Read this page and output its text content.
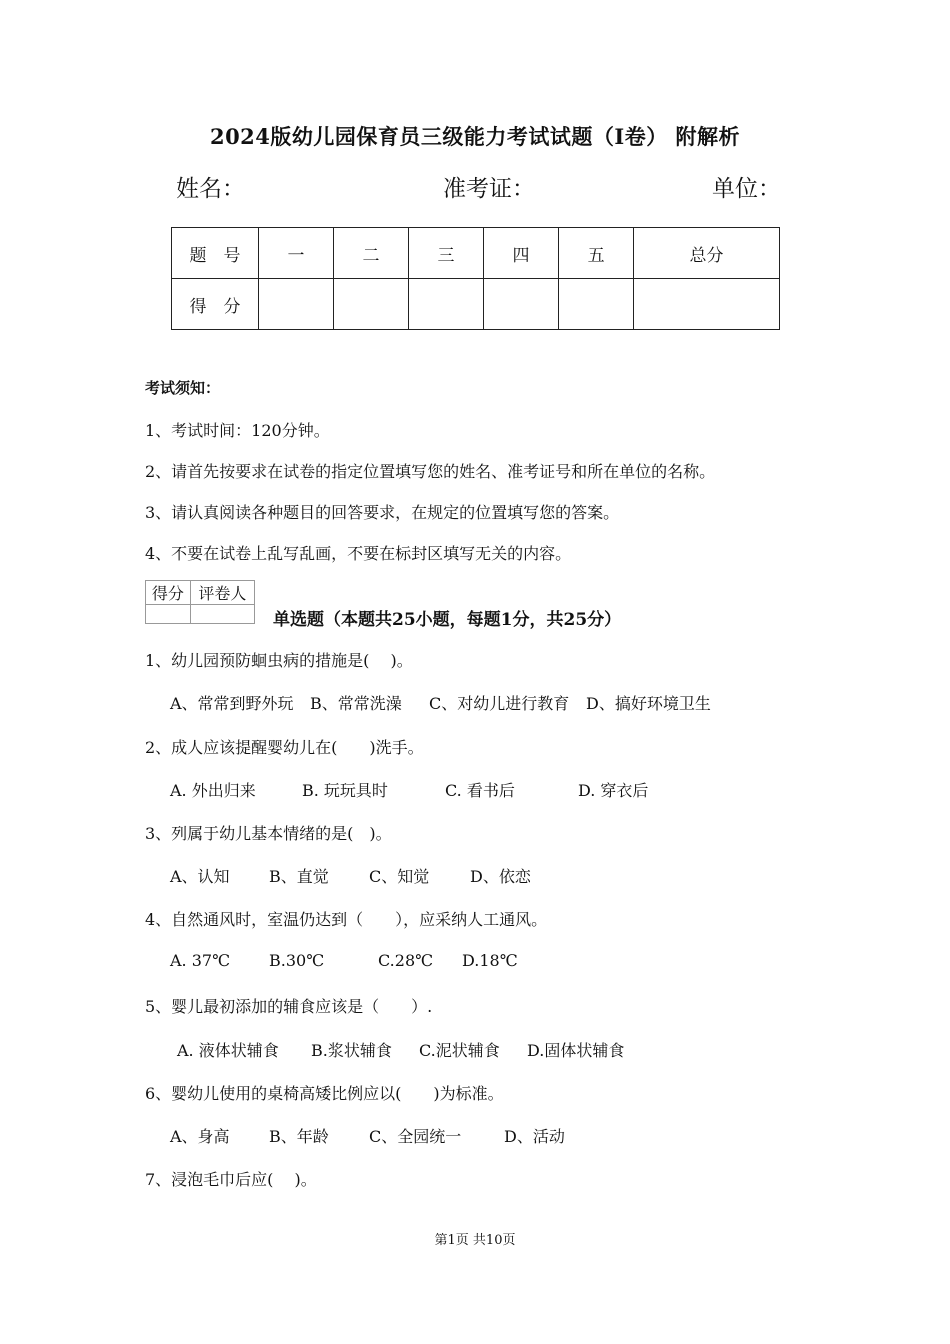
2024版幼儿园保育员三级能力考试试题（I卷） 附解析
姓名：	准考证：	单位：
题　号	一	二	三	四	五	总分
得　分						
考试须知：
1、考试时间：120分钟。
2、请首先按要求在试卷的指定位置填写您的姓名、准考证号和所在单位的名称。
3、请认真阅读各种题目的回答要求，在规定的位置填写您的答案。
4、不要在试卷上乱写乱画，不要在标封区填写无关的内容。
得分	评卷人

单选题（本题共25小题，每题1分，共25分）
1、幼儿园预防蛔虫病的措施是(　 )。
A、常常到野外玩 B、常常洗澡 C、对幼儿进行教育 D、搞好环境卫生
2、成人应该提醒婴幼儿在(　　)洗手。
A. 外出归来	B. 玩玩具时	C. 看书后	D. 穿衣后
3、列属于幼儿基本情绪的是(　)。
A、认知 B、直觉	C、知觉	D、依恋
4、自然通风时，室温仍达到（　　），应采纳人工通风。
A. 37℃ B.30℃	C.28℃ D.18℃
5、婴儿最初添加的辅食应该是（　　）.
A. 液体状辅食 B.浆状辅食 C.泥状辅食 D.固体状辅食
6、婴幼儿使用的桌椅高矮比例应以(　　)为标准。
A、身高 B、年龄	C、全园统一	D、活动
7、浸泡毛巾后应(　 )。
第1页 共10页
